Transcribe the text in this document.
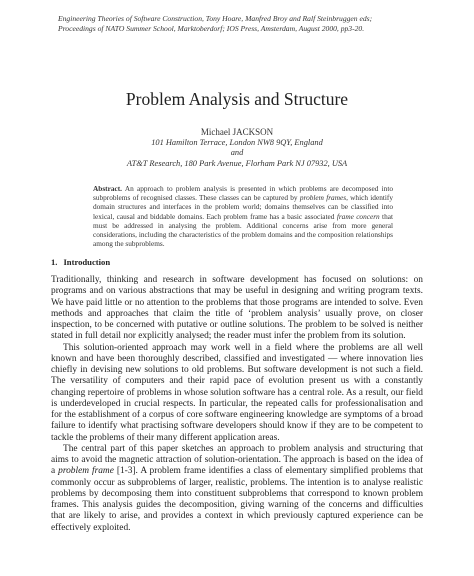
Engineering Theories of Software Construction, Tony Hoare, Manfred Broy and Ralf Steinbruggen eds;
Proceedings of NATO Summer School, Marktoberdorf; IOS Press, Amsterdam, August 2000, pp3-20.
Problem Analysis and Structure
Michael JACKSON
101 Hamilton Terrace, London NW8 9QY, England
and
AT&T Research, 180 Park Avenue, Florham Park NJ 07932, USA
Abstract. An approach to problem analysis is presented in which problems are decomposed into subproblems of recognised classes. These classes can be captured by problem frames, which identify domain structures and interfaces in the problem world; domains themselves can be classified into lexical, causal and biddable domains. Each problem frame has a basic associated frame concern that must be addressed in analysing the problem. Additional concerns arise from more general considerations, including the characteristics of the problem domains and the composition relationships among the subproblems.
1. Introduction

Traditionally, thinking and research in software development has focused on solutions: on programs and on various abstractions that may be useful in designing and writing program texts. We have paid little or no attention to the problems that those programs are intended to solve. Even methods and approaches that claim the title of ‘problem analysis’ usually prove, on closer inspection, to be concerned with putative or outline solutions. The problem to be solved is neither stated in full detail nor explicitly analysed; the reader must infer the problem from its solution.

This solution-oriented approach may work well in a field where the problems are all well known and have been thoroughly described, classified and investigated — where innovation lies chiefly in devising new solutions to old problems. But software development is not such a field. The versatility of computers and their rapid pace of evolution present us with a constantly changing repertoire of problems in whose solution software has a central role. As a result, our field is underdeveloped in crucial respects. In particular, the repeated calls for professionalisation and for the establishment of a corpus of core software engineering knowledge are symptoms of a broad failure to identify what practising software developers should know if they are to be competent to tackle the problems of their many different application areas.

The central part of this paper sketches an approach to problem analysis and structuring that aims to avoid the magnetic attraction of solution-orientation. The approach is based on the idea of a problem frame [1-3]. A problem frame identifies a class of elementary simplified problems that commonly occur as subproblems of larger, realistic, problems. The intention is to analyse realistic problems by decomposing them into constituent subproblems that correspond to known problem frames. This analysis guides the decomposition, giving warning of the concerns and difficulties that are likely to arise, and provides a context in which previously captured experience can be effectively exploited.
